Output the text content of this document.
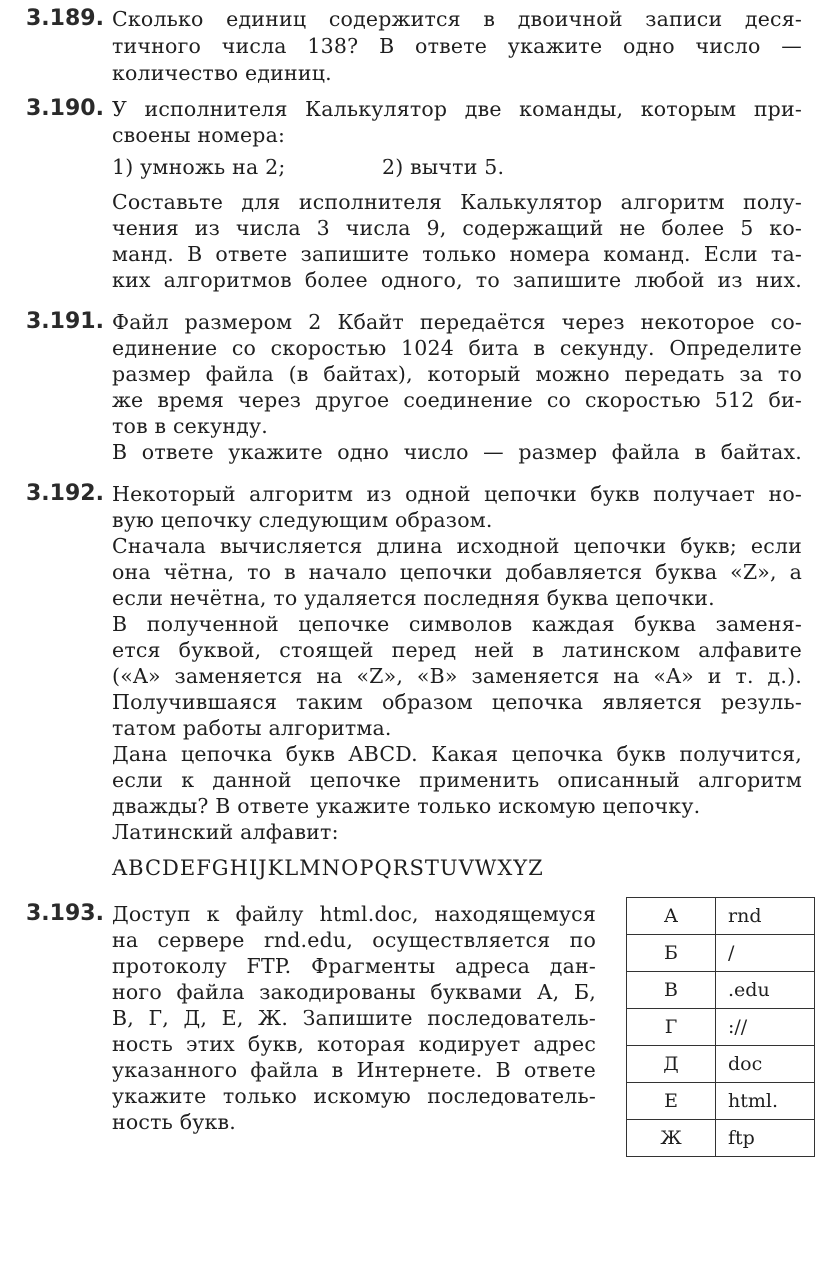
3.189. Сколько единиц содержится в двоичной записи деся-
тичного числа 138? В ответе укажите одно число —
количество единиц.
3.190. У исполнителя Калькулятор две команды, которым при-
своены номера:
1) умножь на 2;	2) вычти 5.
Составьте для исполнителя Калькулятор алгоритм полу-
чения из числа 3 числа 9, содержащий не более 5 ко-
манд. В ответе запишите только номера команд. Если та-
ких алгоритмов более одного, то запишите любой из них.
3.191. Файл размером 2 Кбайт передаётся через некоторое со-
единение со скоростью 1024 бита в секунду. Определите
размер файла (в байтах), который можно передать за то
же время через другое соединение со скоростью 512 би-
тов в секунду.
В ответе укажите одно число — размер файла в байтах.
3.192. Некоторый алгоритм из одной цепочки букв получает но-
вую цепочку следующим образом.
Сначала вычисляется длина исходной цепочки букв; если
она чётна, то в начало цепочки добавляется буква «Z», а
если нечётна, то удаляется последняя буква цепочки.
В полученной цепочке символов каждая буква заменя-
ется буквой, стоящей перед ней в латинском алфавите
(«A» заменяется на «Z», «B» заменяется на «A» и т. д.).
Получившаяся таким образом цепочка является резуль-
татом работы алгоритма.
Дана цепочка букв ABCD. Какая цепочка букв получится,
если к данной цепочке применить описанный алгоритм
дважды? В ответе укажите только искомую цепочку.
Латинский алфавит:
ABCDEFGHIJKLMNOPQRSTUVWXYZ
3.193. Доступ к файлу html.doc, находящемуся
на сервере rnd.edu, осуществляется по
протоколу FTP. Фрагменты адреса дан-
ного файла закодированы буквами А, Б,
В, Г, Д, Е, Ж. Запишите последователь-
ность этих букв, которая кодирует адрес
указанного файла в Интернете. В ответе
укажите только искомую последователь-
ность букв.
А	rnd
Б	/
В	.edu
Г	://
Д	doc
Е	html.
Ж	ftp
